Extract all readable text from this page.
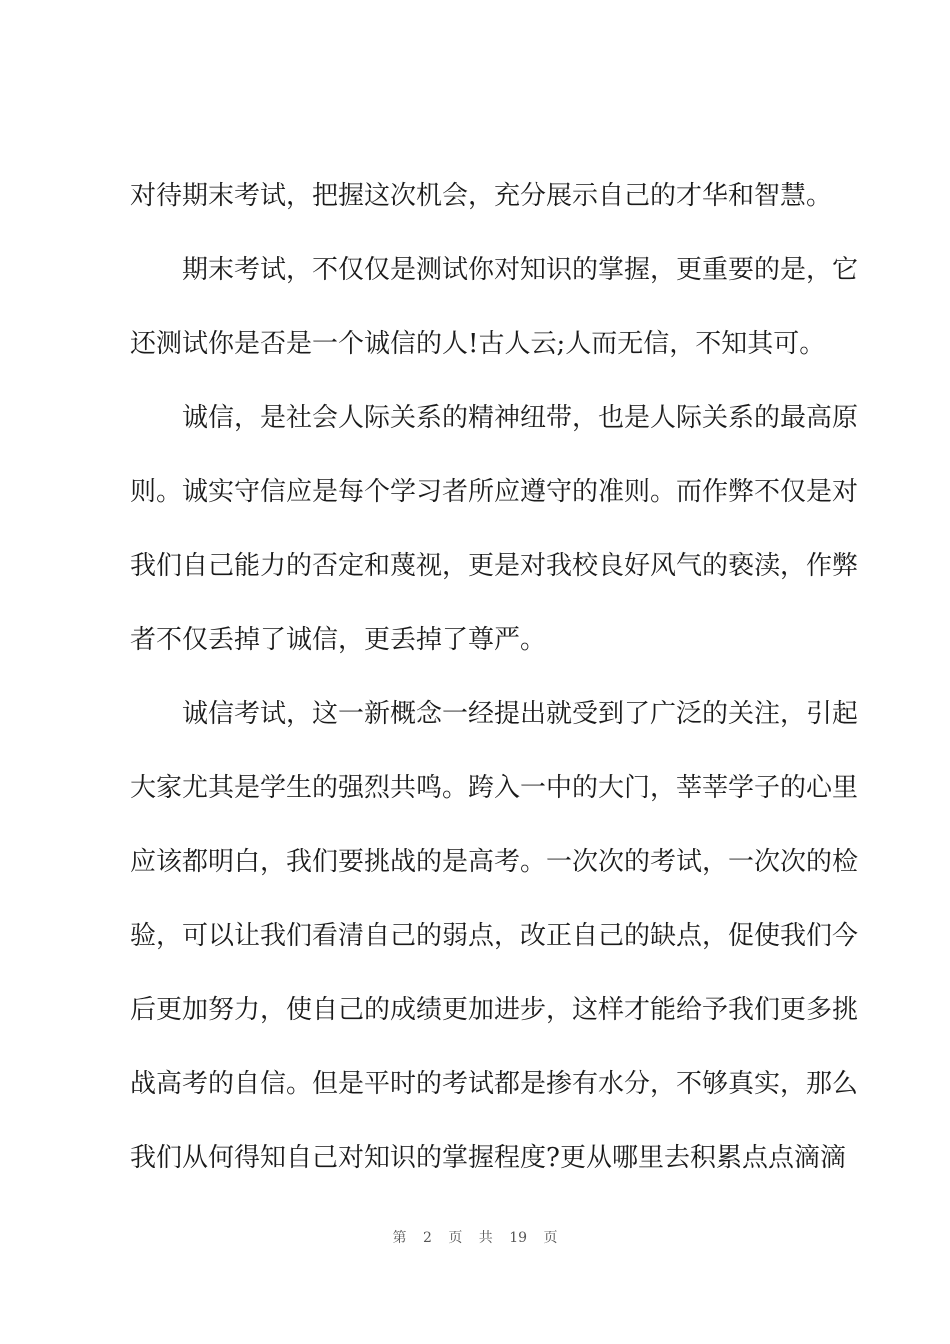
对待期末考试，把握这次机会，充分展示自己的才华和智慧。
期末考试，不仅仅是测试你对知识的掌握，更重要的是，它
还测试你是否是一个诚信的人!古人云;人而无信，不知其可。
诚信，是社会人际关系的精神纽带，也是人际关系的最高原
则。诚实守信应是每个学习者所应遵守的准则。而作弊不仅是对
我们自己能力的否定和蔑视，更是对我校良好风气的亵渎，作弊
者不仅丢掉了诚信，更丢掉了尊严。
诚信考试，这一新概念一经提出就受到了广泛的关注，引起
大家尤其是学生的强烈共鸣。跨入一中的大门，莘莘学子的心里
应该都明白，我们要挑战的是高考。一次次的考试，一次次的检
验，可以让我们看清自己的弱点，改正自己的缺点，促使我们今
后更加努力，使自己的成绩更加进步，这样才能给予我们更多挑
战高考的自信。但是平时的考试都是掺有水分，不够真实，那么
我们从何得知自己对知识的掌握程度?更从哪里去积累点点滴滴
第 2 页 共 19 页
